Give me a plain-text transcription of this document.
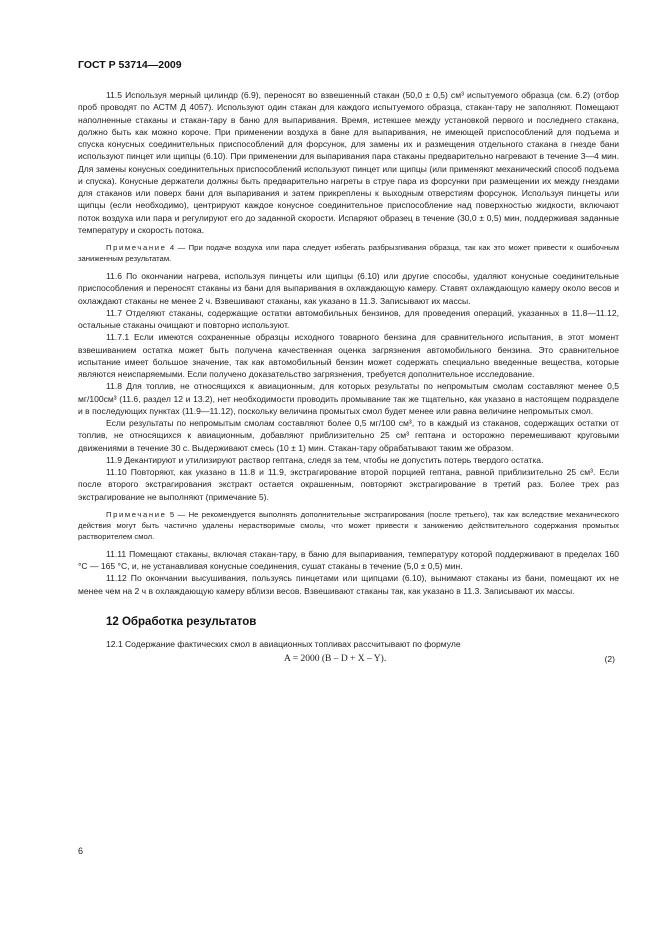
ГОСТ Р 53714—2009

11.5 Используя мерный цилиндр (6.9), переносят во взвешенный стакан (50,0 ± 0,5) см³ испытуемого образца (см. 6.2) (отбор проб проводят по АСТМ Д 4057). Используют один стакан для каждого испытуемого образца, стакан-тару не заполняют. Помещают наполненные стаканы и стакан-тару в баню для выпаривания. Время, истекшее между установкой первого и последнего стакана, должно быть как можно короче. При применении воздуха в бане для выпаривания, не имеющей приспособлений для подъема и спуска конусных соединительных приспособлений для форсунок, для замены их и размещения отдельного стакана в гнезде бани используют пинцет или щипцы (6.10). При применении для выпаривания пара стаканы предварительно нагревают в течение 3—4 мин. Для замены конусных соединительных приспособлений используют пинцет или щипцы (или применяют механический способ подъема и спуска). Конусные держатели должны быть предварительно нагреты в струе пара из форсунки при размещении их между гнездами для стаканов или поверх бани для выпаривания и затем прикреплены к выходным отверстиям форсунок. Используя пинцеты или щипцы (если необходимо), центрируют каждое конусное соединительное приспособление над поверхностью жидкости, включают поток воздуха или пара и регулируют его до заданной скорости. Испаряют образец в течение (30,0 ± 0,5) мин, поддерживая заданные температуру и скорость потока.

Примечание 4 — При подаче воздуха или пара следует избегать разбрызгивания образца, так как это может привести к ошибочным заниженным результатам.

11.6 По окончании нагрева, используя пинцеты или щипцы (6.10) или другие способы, удаляют конусные соединительные приспособления и переносят стаканы из бани для выпаривания в охлаждающую камеру. Ставят охлаждающую камеру около весов и охлаждают стаканы не менее 2 ч. Взвешивают стаканы, как указано в 11.3. Записывают их массы.

11.7 Отделяют стаканы, содержащие остатки автомобильных бензинов, для проведения операций, указанных в 11.8—11.12, остальные стаканы очищают и повторно используют.

11.7.1 Если имеются сохраненные образцы исходного товарного бензина для сравнительного испытания, в этот момент взвешиванием остатка может быть получена качественная оценка загрязнения автомобильного бензина. Это сравнительное испытание имеет большое значение, так как автомобильный бензин может содержать специально введенные вещества, которые являются неиспаряемыми. Если получено доказательство загрязнения, требуется дополнительное исследование.

11.8 Для топлив, не относящихся к авиационным, для которых результаты по непромытым смолам составляют менее 0,5 мг/100см³ (11.6, раздел 12 и 13.2), нет необходимости проводить промывание так же тщательно, как указано в настоящем подразделе и в последующих пунктах (11.9—11.12), поскольку величина промытых смол будет менее или равна величине непромытых смол.

Если результаты по непромытым смолам составляют более 0,5 мг/100 см³, то в каждый из стаканов, содержащих остатки от топлив, не относящихся к авиационным, добавляют приблизительно 25 см³ гептана и осторожно перемешивают круговыми движениями в течение 30 с. Выдерживают смесь (10 ± 1) мин. Стакан-тару обрабатывают таким же образом.

11.9 Декантируют и утилизируют раствор гептана, следя за тем, чтобы не допустить потерь твердого остатка.

11.10 Повторяют, как указано в 11.8 и 11.9, экстрагирование второй порцией гептана, равной приблизительно 25 см³. Если после второго экстрагирования экстракт остается окрашенным, повторяют экстрагирование в третий раз. Более трех раз экстрагирование не выполняют (примечание 5).

Примечание 5 — Не рекомендуется выполнять дополнительные экстрагирования (после третьего), так как вследствие механического действия могут быть частично удалены нерастворимые смолы, что может привести к занижению действительного содержания промытых растворителем смол.

11.11 Помещают стаканы, включая стакан-тару, в баню для выпаривания, температуру которой поддерживают в пределах 160 °С — 165 °С, и, не устанавливая конусные соединения, сушат стаканы в течение (5,0 ± 0,5) мин.

11.12 По окончании высушивания, пользуясь пинцетами или щипцами (6.10), вынимают стаканы из бани, помещают их не менее чем на 2 ч в охлаждающую камеру вблизи весов. Взвешивают стаканы так, как указано в 11.3. Записывают их массы.

12 Обработка результатов

12.1 Содержание фактических смол в авиационных топливах рассчитывают по формуле

A = 2000 (B – D + X – Y).	(2)
6
